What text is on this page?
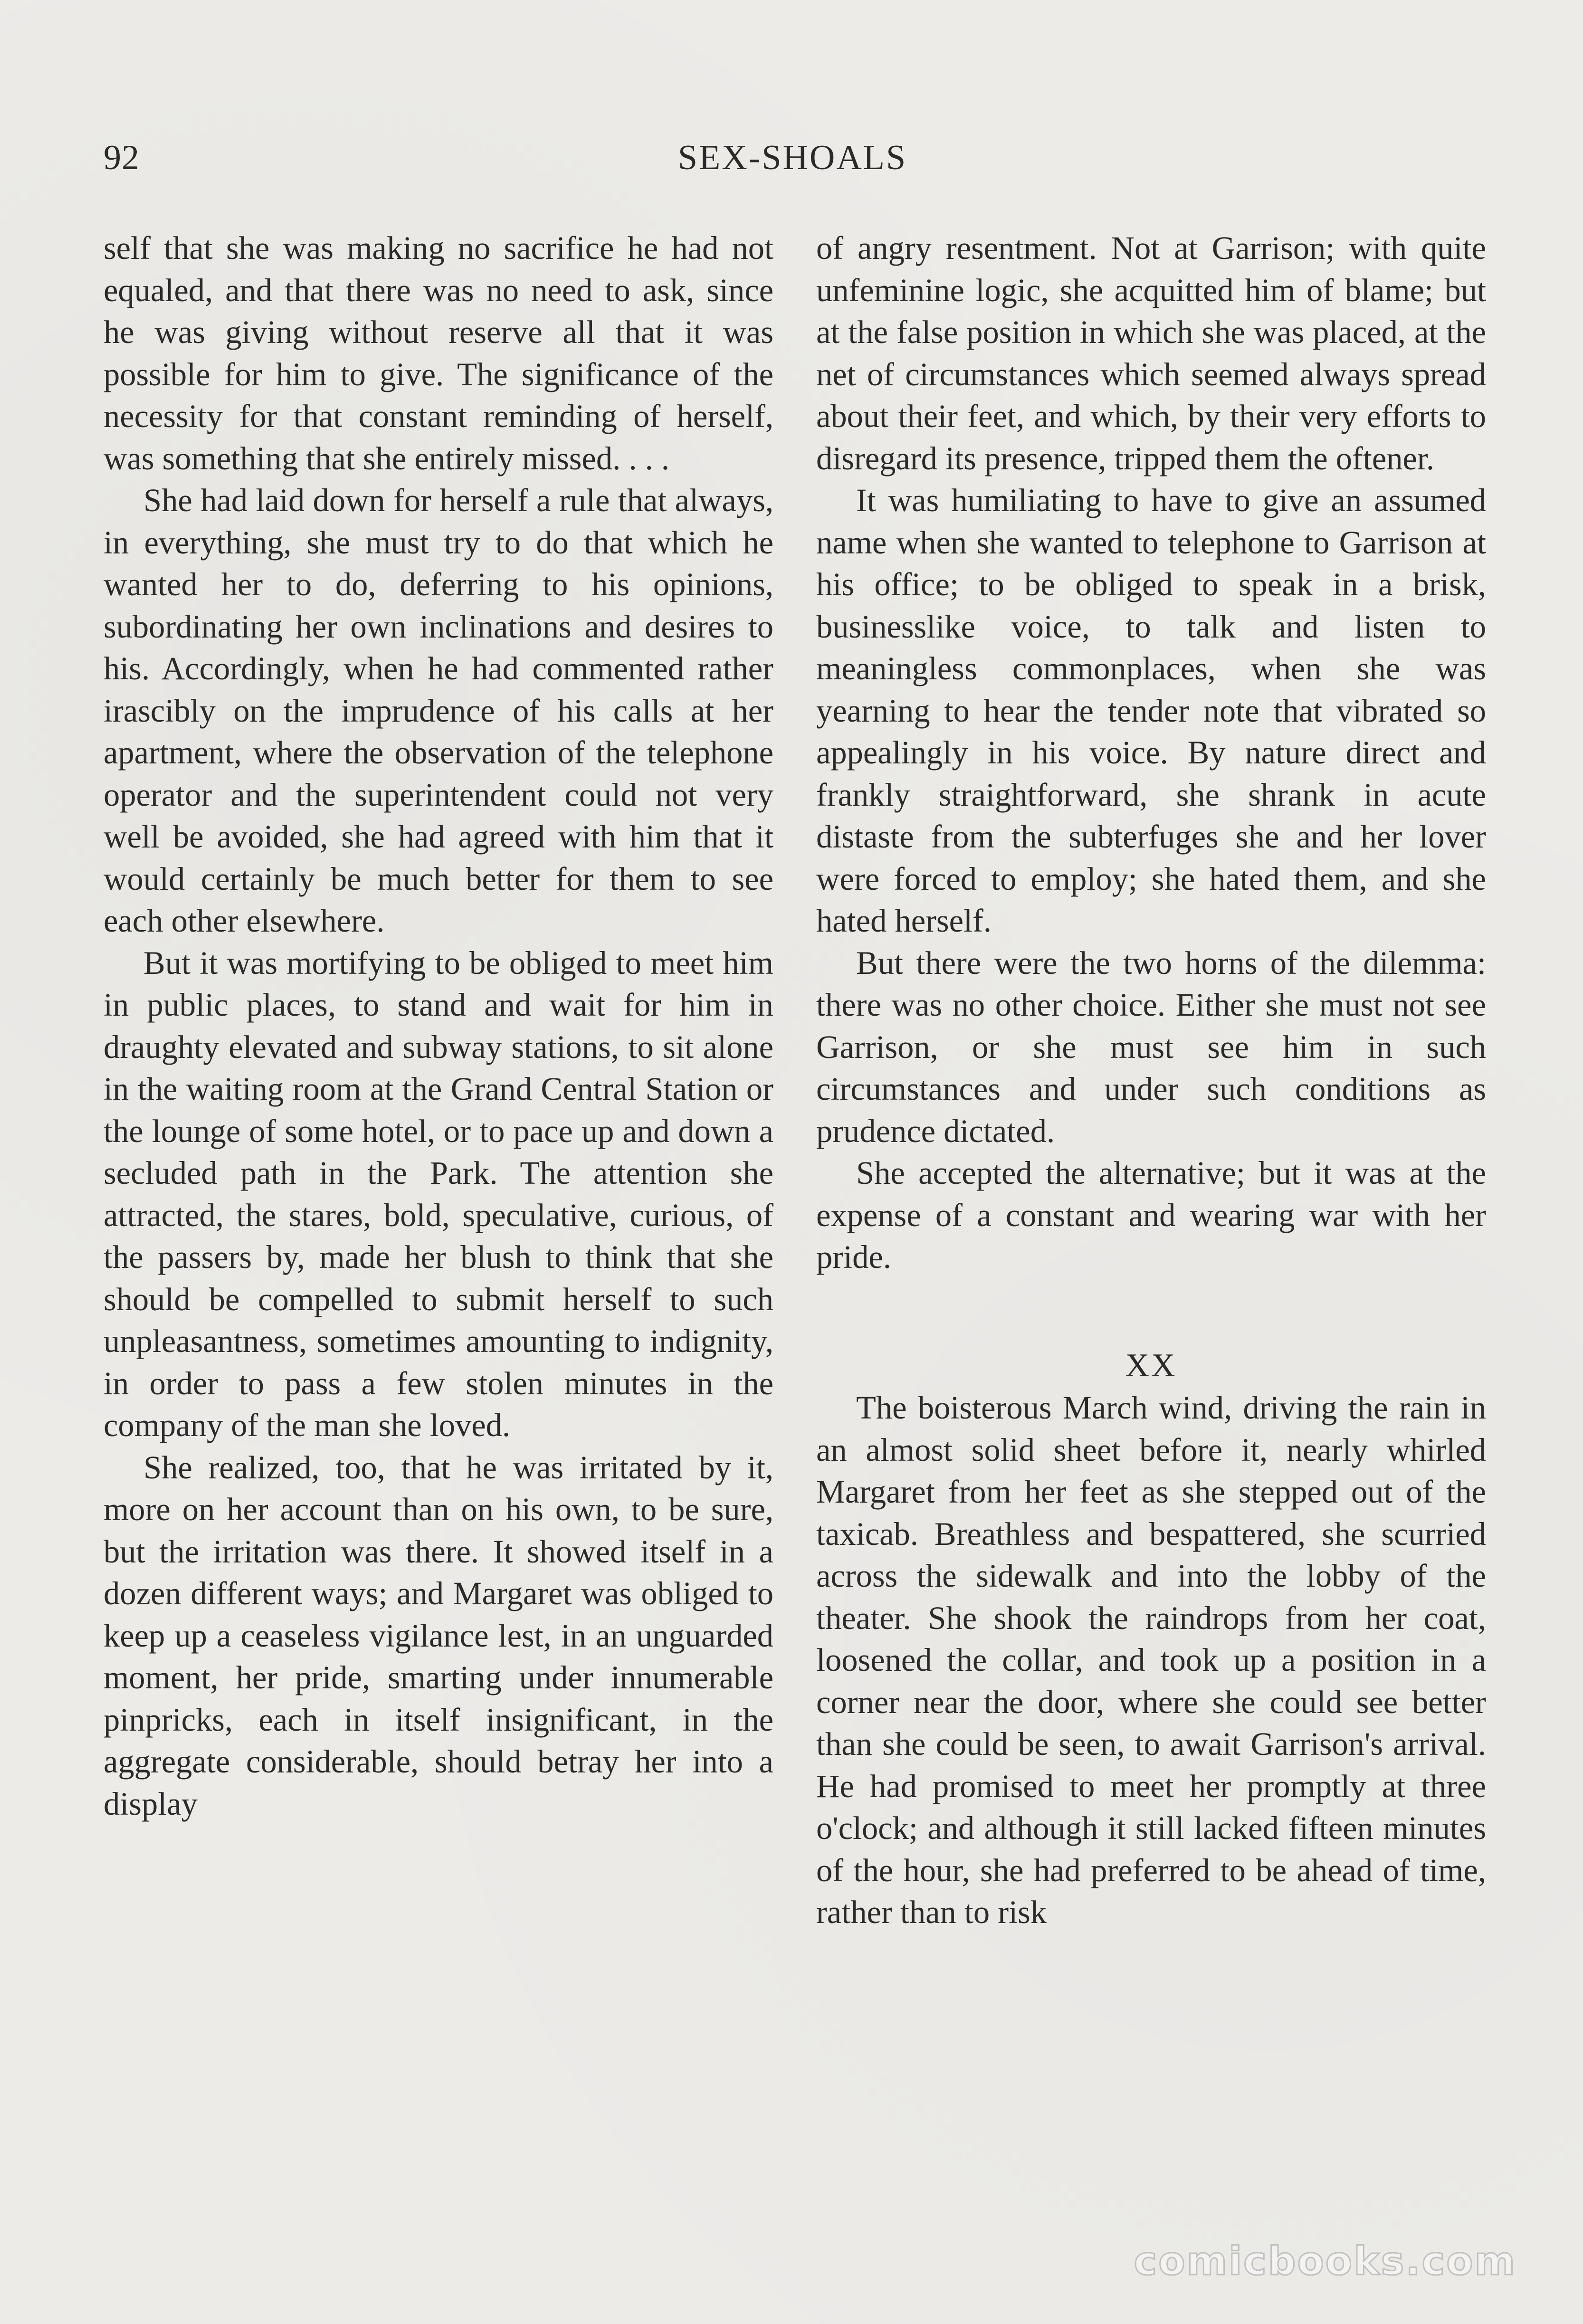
92	SEX-SHOALS

self that she was making no sacrifice he had not equaled, and that there was no need to ask, since he was giving without reserve all that it was possible for him to give. The significance of the necessity for that constant reminding of herself, was something that she entirely missed. . . .

She had laid down for herself a rule that always, in everything, she must try to do that which he wanted her to do, deferring to his opinions, subordinating her own inclinations and desires to his. Accordingly, when he had commented rather irascibly on the imprudence of his calls at her apartment, where the observation of the telephone operator and the superintendent could not very well be avoided, she had agreed with him that it would certainly be much better for them to see each other elsewhere.

But it was mortifying to be obliged to meet him in public places, to stand and wait for him in draughty elevated and subway stations, to sit alone in the waiting room at the Grand Central Station or the lounge of some hotel, or to pace up and down a secluded path in the Park. The attention she attracted, the stares, bold, speculative, curious, of the passers by, made her blush to think that she should be compelled to submit herself to such unpleasantness, sometimes amounting to indignity, in order to pass a few stolen minutes in the company of the man she loved.

She realized, too, that he was irritated by it, more on her account than on his own, to be sure, but the irritation was there. It showed itself in a dozen different ways; and Margaret was obliged to keep up a ceaseless vigilance lest, in an unguarded moment, her pride, smarting under innumerable pinpricks, each in itself insignificant, in the aggregate considerable, should betray her into a display

of angry resentment. Not at Garrison; with quite unfeminine logic, she acquitted him of blame; but at the false position in which she was placed, at the net of circumstances which seemed always spread about their feet, and which, by their very efforts to disregard its presence, tripped them the oftener.

It was humiliating to have to give an assumed name when she wanted to telephone to Garrison at his office; to be obliged to speak in a brisk, businesslike voice, to talk and listen to meaningless commonplaces, when she was yearning to hear the tender note that vibrated so appealingly in his voice. By nature direct and frankly straightforward, she shrank in acute distaste from the subterfuges she and her lover were forced to employ; she hated them, and she hated herself.

But there were the two horns of the dilemma: there was no other choice. Either she must not see Garrison, or she must see him in such circumstances and under such conditions as prudence dictated.

She accepted the alternative; but it was at the expense of a constant and wearing war with her pride.

XX

The boisterous March wind, driving the rain in an almost solid sheet before it, nearly whirled Margaret from her feet as she stepped out of the taxicab. Breathless and bespattered, she scurried across the sidewalk and into the lobby of the theater. She shook the raindrops from her coat, loosened the collar, and took up a position in a corner near the door, where she could see better than she could be seen, to await Garrison's arrival. He had promised to meet her promptly at three o'clock; and although it still lacked fifteen minutes of the hour, she had preferred to be ahead of time, rather than to risk

comicbooks.com
